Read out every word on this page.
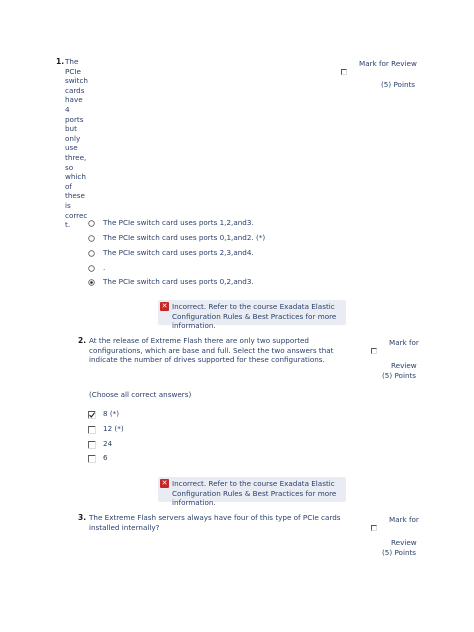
1. The
PCIe
switch
cards
have
4
ports
but
only
use
three,
so
which
of
these
is
correc
t.
Mark for Review
(5) Points
The PCIe switch card uses ports 1,2,and3.
The PCIe switch card uses ports 0,1,and2. (*)
The PCIe switch card uses ports 2,3,and4.
.
The PCIe switch card uses ports 0,2,and3.
✕ Incorrect. Refer to the course Exadata Elastic
Configuration Rules & Best Practices for more
information.
2. At the release of Extreme Flash there are only two supported
configurations, which are base and full. Select the two answers that
indicate the number of drives supported for these configurations.
Mark for
Review
(5) Points
(Choose all correct answers)
8 (*)
12 (*)
24
6
✕ Incorrect. Refer to the course Exadata Elastic
Configuration Rules & Best Practices for more
information.
3. The Extreme Flash servers always have four of this type of PCIe cards
installed internally?
Mark for
Review
(5) Points
